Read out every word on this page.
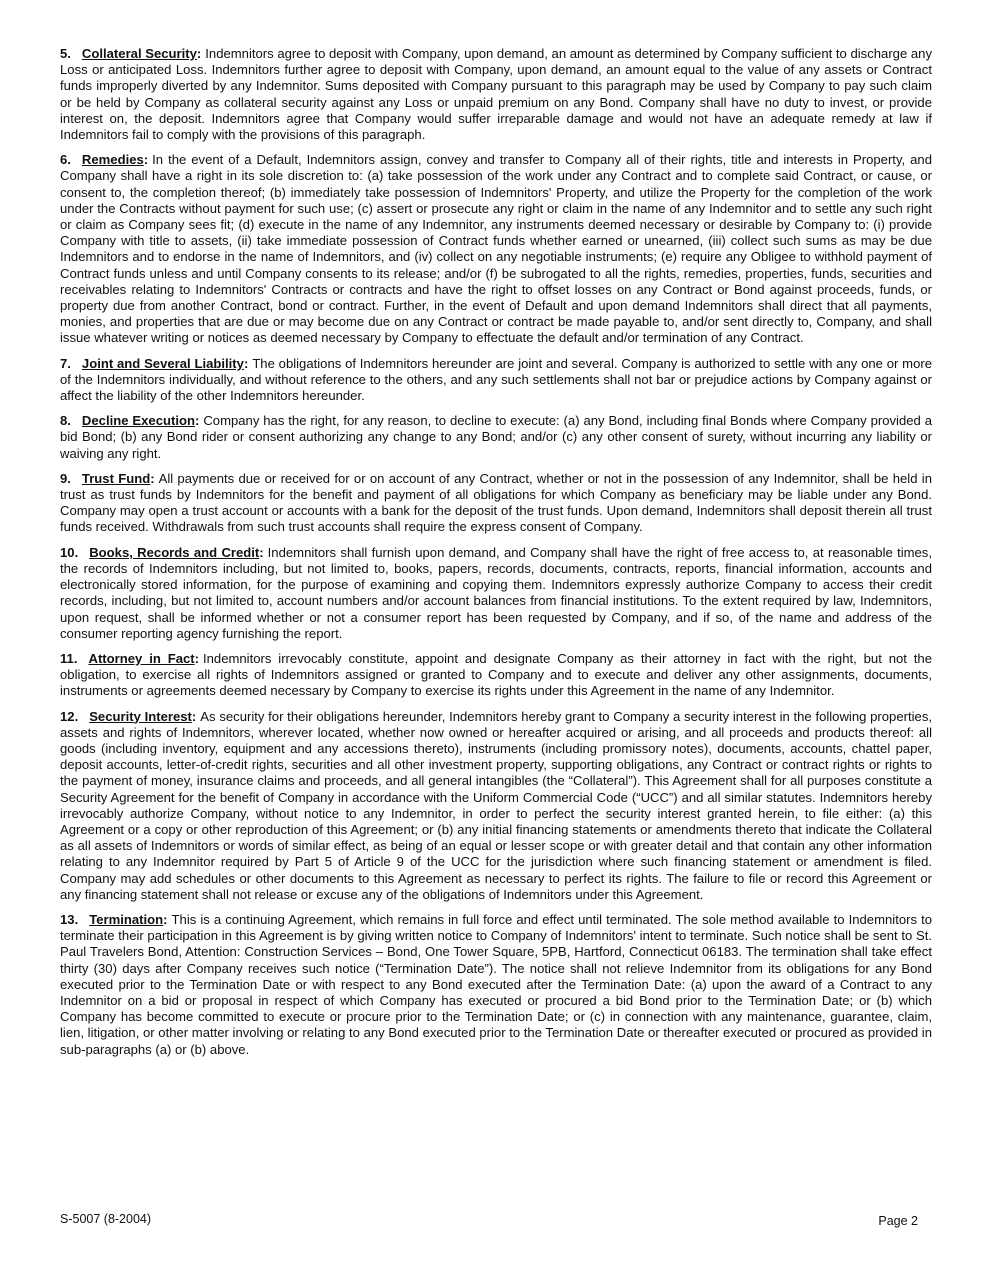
5. Collateral Security: Indemnitors agree to deposit with Company, upon demand, an amount as determined by Company sufficient to discharge any Loss or anticipated Loss. Indemnitors further agree to deposit with Company, upon demand, an amount equal to the value of any assets or Contract funds improperly diverted by any Indemnitor. Sums deposited with Company pursuant to this paragraph may be used by Company to pay such claim or be held by Company as collateral security against any Loss or unpaid premium on any Bond. Company shall have no duty to invest, or provide interest on, the deposit. Indemnitors agree that Company would suffer irreparable damage and would not have an adequate remedy at law if Indemnitors fail to comply with the provisions of this paragraph.

6. Remedies: In the event of a Default, Indemnitors assign, convey and transfer to Company all of their rights, title and interests in Property, and Company shall have a right in its sole discretion to: (a) take possession of the work under any Contract and to complete said Contract, or cause, or consent to, the completion thereof; (b) immediately take possession of Indemnitors' Property, and utilize the Property for the completion of the work under the Contracts without payment for such use; (c) assert or prosecute any right or claim in the name of any Indemnitor and to settle any such right or claim as Company sees fit; (d) execute in the name of any Indemnitor, any instruments deemed necessary or desirable by Company to: (i) provide Company with title to assets, (ii) take immediate possession of Contract funds whether earned or unearned, (iii) collect such sums as may be due Indemnitors and to endorse in the name of Indemnitors, and (iv) collect on any negotiable instruments; (e) require any Obligee to withhold payment of Contract funds unless and until Company consents to its release; and/or (f) be subrogated to all the rights, remedies, properties, funds, securities and receivables relating to Indemnitors' Contracts or contracts and have the right to offset losses on any Contract or Bond against proceeds, funds, or property due from another Contract, bond or contract. Further, in the event of Default and upon demand Indemnitors shall direct that all payments, monies, and properties that are due or may become due on any Contract or contract be made payable to, and/or sent directly to, Company, and shall issue whatever writing or notices as deemed necessary by Company to effectuate the default and/or termination of any Contract.

7. Joint and Several Liability: The obligations of Indemnitors hereunder are joint and several. Company is authorized to settle with any one or more of the Indemnitors individually, and without reference to the others, and any such settlements shall not bar or prejudice actions by Company against or affect the liability of the other Indemnitors hereunder.

8. Decline Execution: Company has the right, for any reason, to decline to execute: (a) any Bond, including final Bonds where Company provided a bid Bond; (b) any Bond rider or consent authorizing any change to any Bond; and/or (c) any other consent of surety, without incurring any liability or waiving any right.

9. Trust Fund: All payments due or received for or on account of any Contract, whether or not in the possession of any Indemnitor, shall be held in trust as trust funds by Indemnitors for the benefit and payment of all obligations for which Company as beneficiary may be liable under any Bond. Company may open a trust account or accounts with a bank for the deposit of the trust funds. Upon demand, Indemnitors shall deposit therein all trust funds received. Withdrawals from such trust accounts shall require the express consent of Company.

10. Books, Records and Credit: Indemnitors shall furnish upon demand, and Company shall have the right of free access to, at reasonable times, the records of Indemnitors including, but not limited to, books, papers, records, documents, contracts, reports, financial information, accounts and electronically stored information, for the purpose of examining and copying them. Indemnitors expressly authorize Company to access their credit records, including, but not limited to, account numbers and/or account balances from financial institutions. To the extent required by law, Indemnitors, upon request, shall be informed whether or not a consumer report has been requested by Company, and if so, of the name and address of the consumer reporting agency furnishing the report.

11. Attorney in Fact: Indemnitors irrevocably constitute, appoint and designate Company as their attorney in fact with the right, but not the obligation, to exercise all rights of Indemnitors assigned or granted to Company and to execute and deliver any other assignments, documents, instruments or agreements deemed necessary by Company to exercise its rights under this Agreement in the name of any Indemnitor.

12. Security Interest: As security for their obligations hereunder, Indemnitors hereby grant to Company a security interest in the following properties, assets and rights of Indemnitors, wherever located, whether now owned or hereafter acquired or arising, and all proceeds and products thereof: all goods (including inventory, equipment and any accessions thereto), instruments (including promissory notes), documents, accounts, chattel paper, deposit accounts, letter-of-credit rights, securities and all other investment property, supporting obligations, any Contract or contract rights or rights to the payment of money, insurance claims and proceeds, and all general intangibles (the “Collateral”). This Agreement shall for all purposes constitute a Security Agreement for the benefit of Company in accordance with the Uniform Commercial Code (“UCC”) and all similar statutes. Indemnitors hereby irrevocably authorize Company, without notice to any Indemnitor, in order to perfect the security interest granted herein, to file either: (a) this Agreement or a copy or other reproduction of this Agreement; or (b) any initial financing statements or amendments thereto that indicate the Collateral as all assets of Indemnitors or words of similar effect, as being of an equal or lesser scope or with greater detail and that contain any other information relating to any Indemnitor required by Part 5 of Article 9 of the UCC for the jurisdiction where such financing statement or amendment is filed. Company may add schedules or other documents to this Agreement as necessary to perfect its rights. The failure to file or record this Agreement or any financing statement shall not release or excuse any of the obligations of Indemnitors under this Agreement.

13. Termination: This is a continuing Agreement, which remains in full force and effect until terminated. The sole method available to Indemnitors to terminate their participation in this Agreement is by giving written notice to Company of Indemnitors' intent to terminate. Such notice shall be sent to St. Paul Travelers Bond, Attention: Construction Services – Bond, One Tower Square, 5PB, Hartford, Connecticut 06183. The termination shall take effect thirty (30) days after Company receives such notice (“Termination Date”). The notice shall not relieve Indemnitor from its obligations for any Bond executed prior to the Termination Date or with respect to any Bond executed after the Termination Date: (a) upon the award of a Contract to any Indemnitor on a bid or proposal in respect of which Company has executed or procured a bid Bond prior to the Termination Date; or (b) which Company has become committed to execute or procure prior to the Termination Date; or (c) in connection with any maintenance, guarantee, claim, lien, litigation, or other matter involving or relating to any Bond executed prior to the Termination Date or thereafter executed or procured as provided in sub-paragraphs (a) or (b) above.

S-5007 (8-2004)	Page 2
